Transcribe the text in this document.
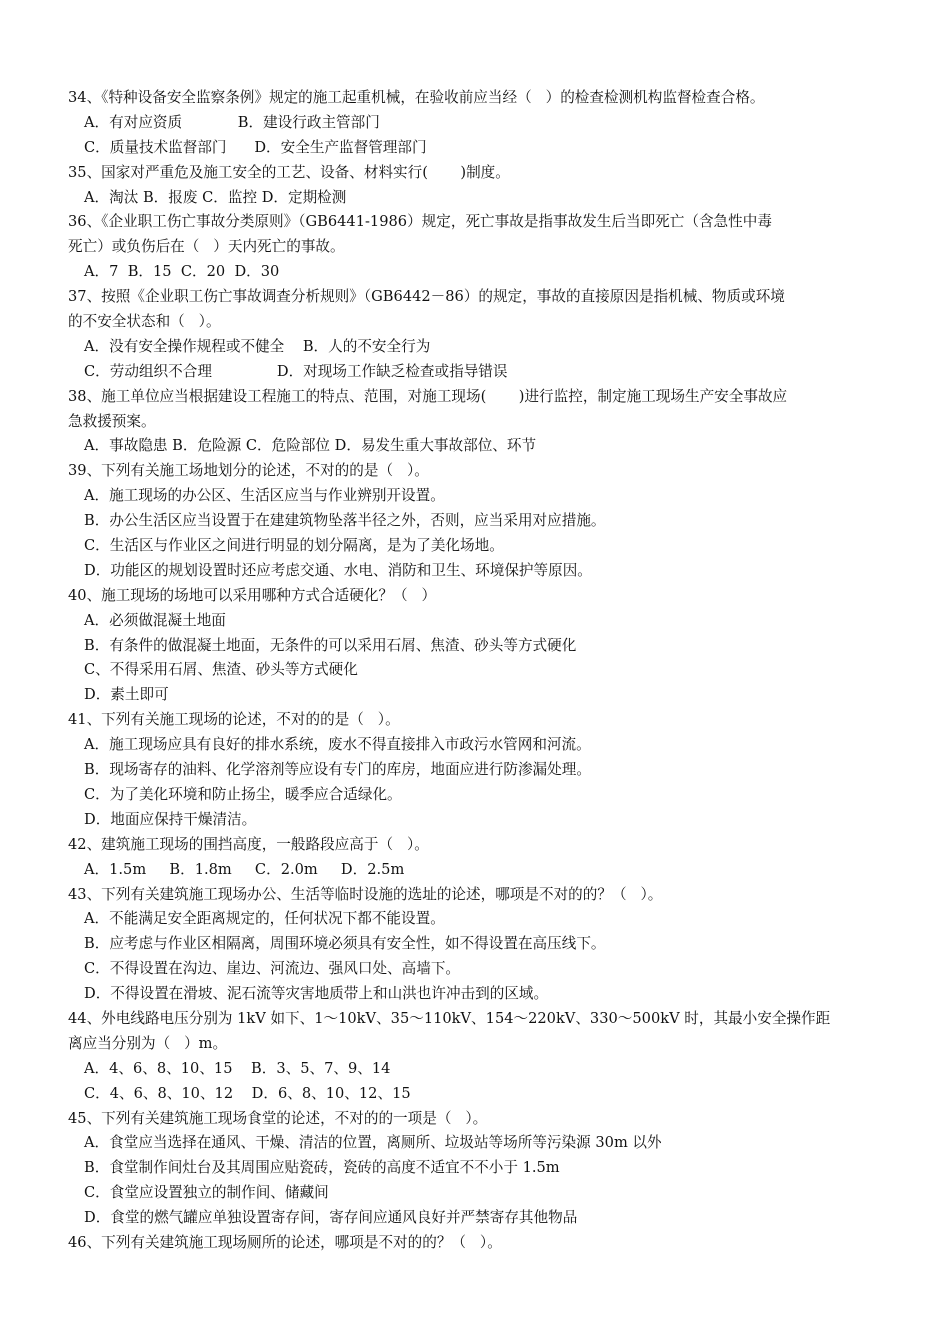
34、《特种设备安全监察条例》规定的施工起重机械，在验收前应当经（   ）的检查检测机构监督检查合格。
A．有对应资质            B．建设行政主管部门
C．质量技术监督部门      D．安全生产监督管理部门
35、国家对严重危及施工安全的工艺、设备、材料实行(       )制度。
A．淘汰 B．报废 C．监控 D．定期检测
36、《企业职工伤亡事故分类原则》（GB6441-1986）规定，死亡事故是指事故发生后当即死亡（含急性中毒
死亡）或负伤后在（   ）天内死亡的事故。
A．7  B．15  C．20  D．30
37、按照《企业职工伤亡事故调查分析规则》（GB6442－86）的规定，事故的直接原因是指机械、物质或环境
的不安全状态和（   ）。
A．没有安全操作规程或不健全    B．人的不安全行为
C．劳动组织不合理              D．对现场工作缺乏检查或指导错误
38、施工单位应当根据建设工程施工的特点、范围，对施工现场(       )进行监控，制定施工现场生产安全事故应
急救援预案。
A．事故隐患 B．危险源 C．危险部位 D．易发生重大事故部位、环节
39、下列有关施工场地划分的论述，不对的的是（   ）。
A．施工现场的办公区、生活区应当与作业辨别开设置。
B．办公生活区应当设置于在建建筑物坠落半径之外，否则，应当采用对应措施。
C．生活区与作业区之间进行明显的划分隔离，是为了美化场地。
D．功能区的规划设置时还应考虑交通、水电、消防和卫生、环境保护等原因。
40、施工现场的场地可以采用哪种方式合适硬化？（   ）
A．必须做混凝土地面
B．有条件的做混凝土地面，无条件的可以采用石屑、焦渣、砂头等方式硬化
C、不得采用石屑、焦渣、砂头等方式硬化
D．素土即可
41、下列有关施工现场的论述，不对的的是（   ）。
A．施工现场应具有良好的排水系统，废水不得直接排入市政污水管网和河流。
B．现场寄存的油料、化学溶剂等应设有专门的库房，地面应进行防渗漏处理。
C．为了美化环境和防止扬尘，暖季应合适绿化。
D．地面应保持干燥清洁。
42、建筑施工现场的围挡高度，一般路段应高于（   ）。
A．1.5m     B．1.8m     C．2.0m     D．2.5m
43、下列有关建筑施工现场办公、生活等临时设施的选址的论述，哪项是不对的的？（   ）。
A．不能满足安全距离规定的，任何状况下都不能设置。
B．应考虑与作业区相隔离，周围环境必须具有安全性，如不得设置在高压线下。
C．不得设置在沟边、崖边、河流边、强风口处、高墙下。
D．不得设置在滑坡、泥石流等灾害地质带上和山洪也许冲击到的区域。
44、外电线路电压分别为 1kV 如下、1～10kV、35～110kV、154～220kV、330～500kV 时，其最小安全操作距
离应当分别为（   ）m。
A．4、6、8、10、15    B．3、5、7、9、14
C．4、6、8、10、12    D．6、8、10、12、15
45、下列有关建筑施工现场食堂的论述，不对的的一项是（   ）。
A．食堂应当选择在通风、干燥、清洁的位置，离厕所、垃圾站等场所等污染源 30m 以外
B．食堂制作间灶台及其周围应贴瓷砖，瓷砖的高度不适宜不不小于 1.5m
C．食堂应设置独立的制作间、储藏间
D．食堂的燃气罐应单独设置寄存间，寄存间应通风良好并严禁寄存其他物品
46、下列有关建筑施工现场厕所的论述，哪项是不对的的？（   ）。
